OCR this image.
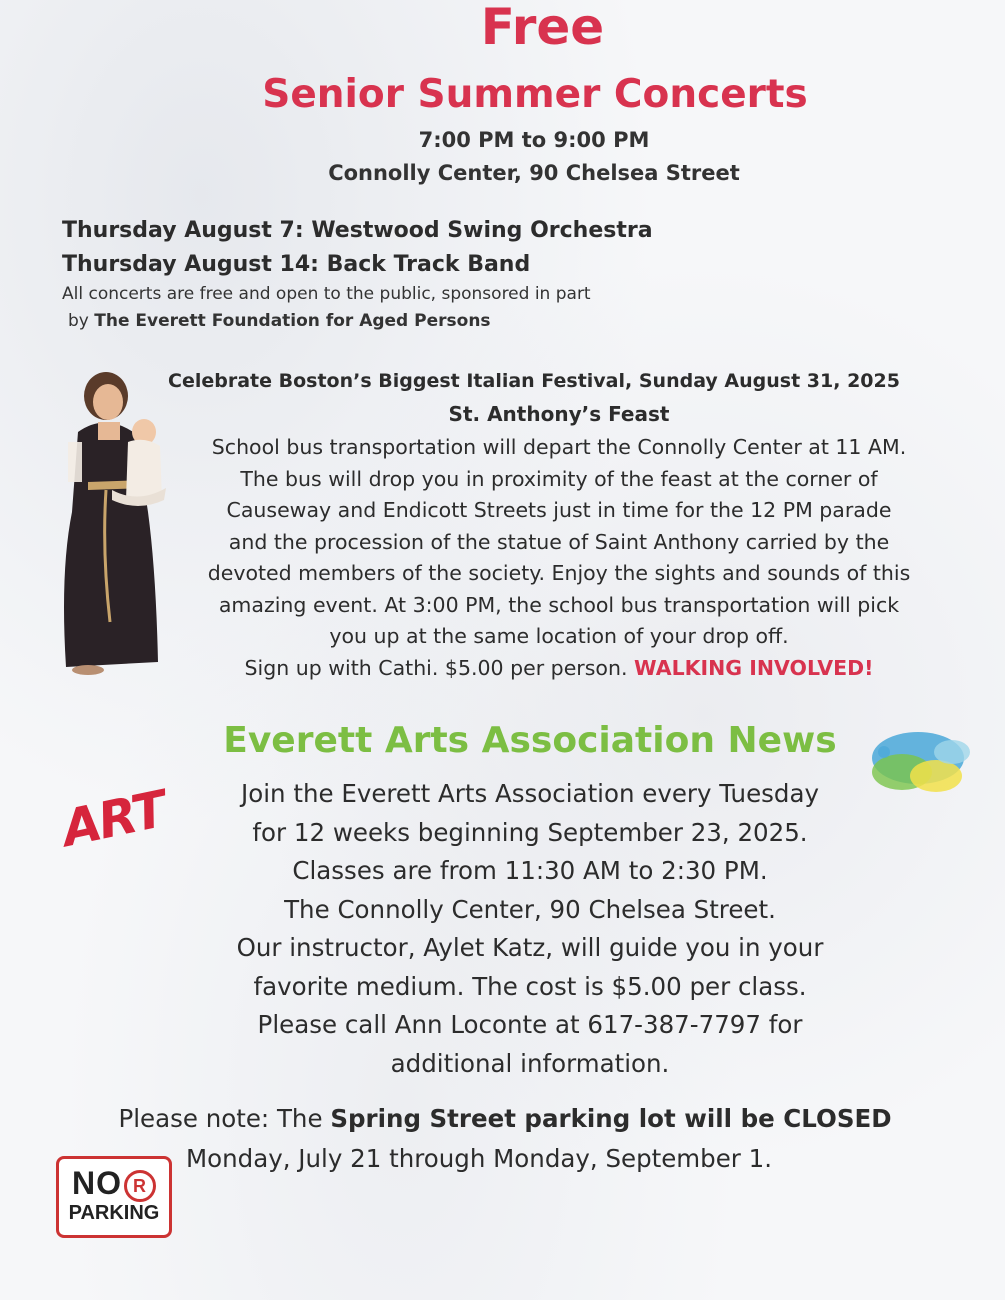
Free
Senior Summer Concerts
7:00 PM to 9:00 PM
Connolly Center, 90 Chelsea Street
Thursday August 7: Westwood Swing Orchestra
Thursday August 14: Back Track Band
All concerts are free and open to the public, sponsored in part
by The Everett Foundation for Aged Persons
Celebrate Boston’s Biggest Italian Festival, Sunday August 31, 2025
St. Anthony’s Feast
School bus transportation will depart the Connolly Center at 11 AM.
The bus will drop you in proximity of the feast at the corner of
Causeway and Endicott Streets just in time for the 12 PM parade
and the procession of the statue of Saint Anthony carried by the
devoted members of the society. Enjoy the sights and sounds of this
amazing event. At 3:00 PM, the school bus transportation will pick
you up at the same location of your drop off.
Sign up with Cathi. $5.00 per person. WALKING INVOLVED!
Everett Arts Association News
ART	Join the Everett Arts Association every Tuesday
for 12 weeks beginning September 23, 2025.
Classes are from 11:30 AM to 2:30 PM.
The Connolly Center, 90 Chelsea Street.
Our instructor, Aylet Katz, will guide you in your
favorite medium. The cost is $5.00 per class.
Please call Ann Loconte at 617-387-7797 for
additional information.
Please note: The Spring Street parking lot will be CLOSED
Monday, July 21 through Monday, September 1.
NO R
PARKING
